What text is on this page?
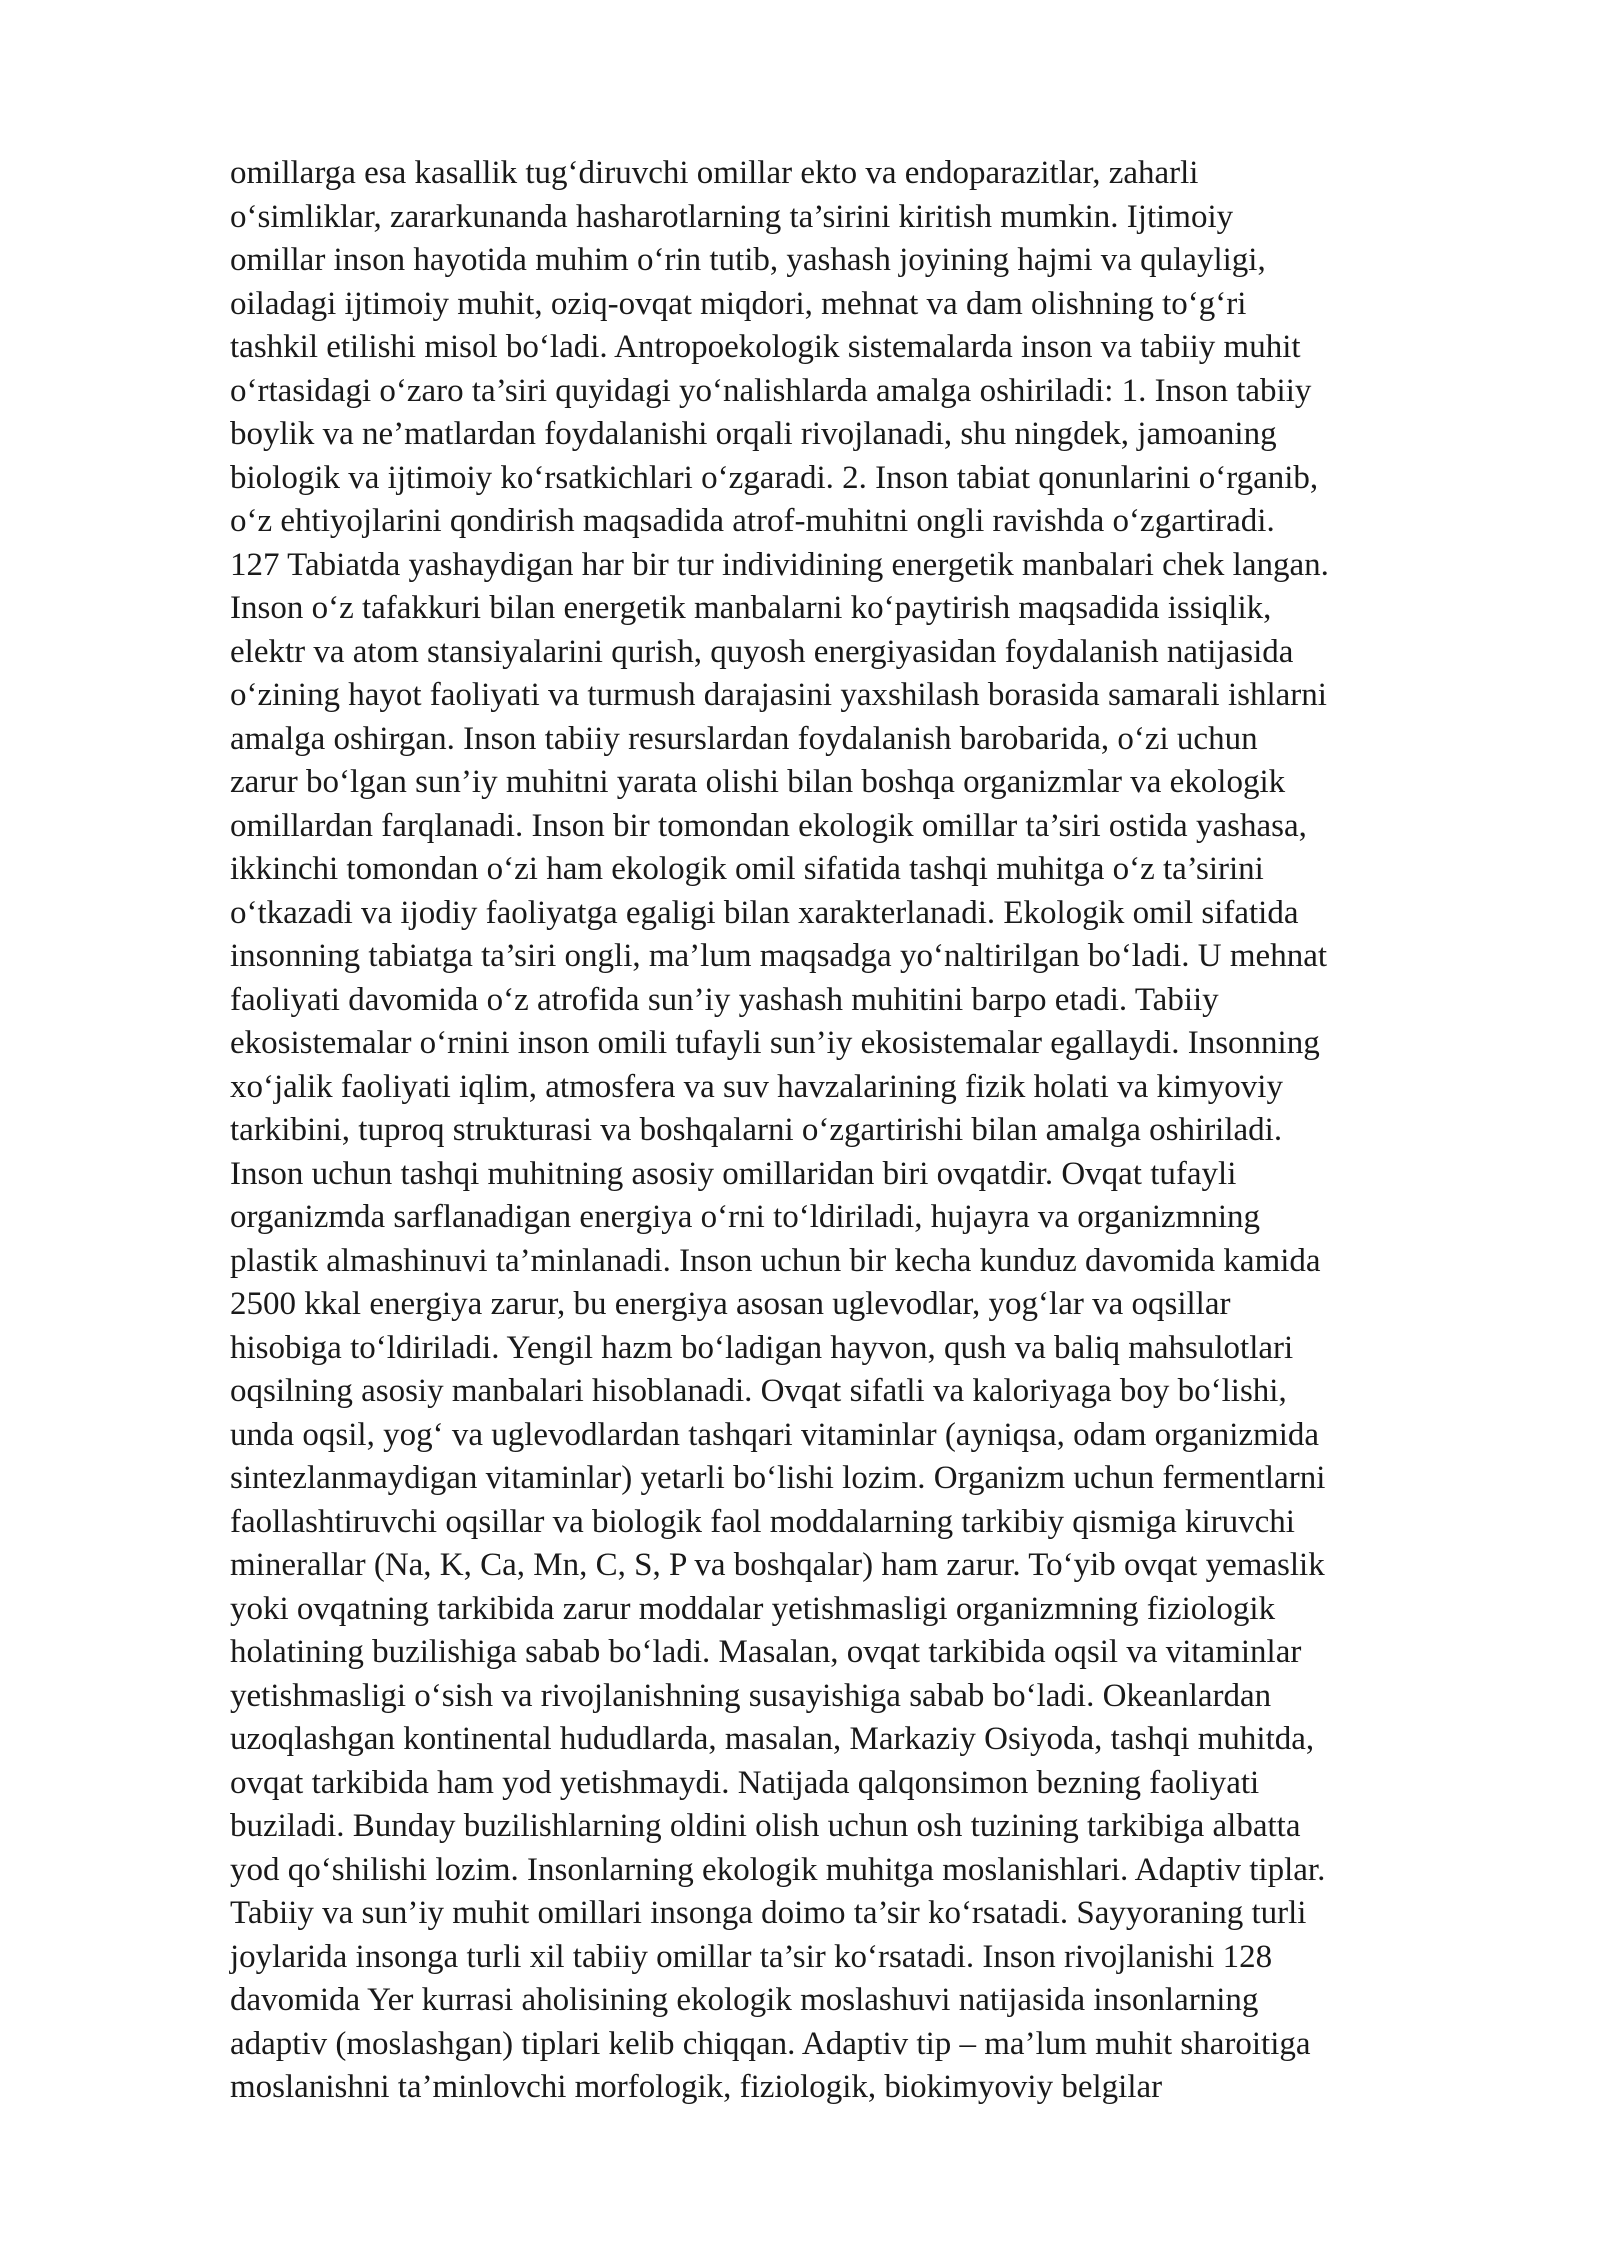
omillarga esa kasallik tug‘diruvchi omillar ekto va endoparazitlar, zaharli
o‘simliklar, zararkunanda hasharotlarning ta’sirini kiritish mumkin. Ijtimoiy
omillar inson hayotida muhim o‘rin tutib, yashash joyining hajmi va qulayligi,
oiladagi ijtimoiy muhit, oziq-ovqat miqdori, mehnat va dam olishning to‘g‘ri
tashkil etilishi misol bo‘ladi. Antropoekologik sistemalarda inson va tabiiy muhit
o‘rtasidagi o‘zaro ta’siri quyidagi yo‘nalishlarda amalga oshiriladi: 1. Inson tabiiy
boylik va ne’matlardan foydalanishi orqali rivojlanadi, shu ningdek, jamoaning
biologik va ijtimoiy ko‘rsatkichlari o‘zgaradi. 2. Inson tabiat qonunlarini o‘rganib,
o‘z ehtiyojlarini qondirish maqsadida atrof-muhitni ongli ravishda o‘zgartiradi.
127 Tabiatda yashaydigan har bir tur individining energetik manbalari chek langan.
Inson o‘z tafakkuri bilan energetik manbalarni ko‘paytirish maqsadida issiqlik,
elektr va atom stansiyalarini qurish, quyosh energiyasidan foydalanish natijasida
o‘zining hayot faoliyati va turmush darajasini yaxshilash borasida samarali ishlarni
amalga oshirgan. Inson tabiiy resurslardan foydalanish barobarida, o‘zi uchun
zarur bo‘lgan sun’iy muhitni yarata olishi bilan boshqa organizmlar va ekologik
omillardan farqlanadi. Inson bir tomondan ekologik omillar ta’siri ostida yashasa,
ikkinchi tomondan o‘zi ham ekologik omil sifatida tashqi muhitga o‘z ta’sirini
o‘tkazadi va ijodiy faoliyatga egaligi bilan xarakterlanadi. Ekologik omil sifatida
insonning tabiatga ta’siri ongli, ma’lum maqsadga yo‘naltirilgan bo‘ladi. U mehnat
faoliyati davomida o‘z atrofida sun’iy yashash muhitini barpo etadi. Tabiiy
ekosistemalar o‘rnini inson omili tufayli sun’iy ekosistemalar egallaydi. Insonning
xo‘jalik faoliyati iqlim, atmosfera va suv havzalarining fizik holati va kimyoviy
tarkibini, tuproq strukturasi va boshqalarni o‘zgartirishi bilan amalga oshiriladi.
Inson uchun tashqi muhitning asosiy omillaridan biri ovqatdir. Ovqat tufayli
organizmda sarflanadigan energiya o‘rni to‘ldiriladi, hujayra va organizmning
plastik almashinuvi ta’minlanadi. Inson uchun bir kecha kunduz davomida kamida
2500 kkal energiya zarur, bu energiya asosan uglevodlar, yog‘lar va oqsillar
hisobiga to‘ldiriladi. Yengil hazm bo‘ladigan hayvon, qush va baliq mahsulotlari
oqsilning asosiy manbalari hisoblanadi. Ovqat sifatli va kaloriyaga boy bo‘lishi,
unda oqsil, yog‘ va uglevodlardan tashqari vitaminlar (ayniqsa, odam organizmida
sintezlanmaydigan vitaminlar) yetarli bo‘lishi lozim. Organizm uchun fermentlarni
faollashtiruvchi oqsillar va biologik faol moddalarning tarkibiy qismiga kiruvchi
minerallar (Na, K, Ca, Mn, C, S, P va boshqalar) ham zarur. To‘yib ovqat yemaslik
yoki ovqatning tarkibida zarur moddalar yetishmasligi organizmning fiziologik
holatining buzilishiga sabab bo‘ladi. Masalan, ovqat tarkibida oqsil va vitaminlar
yetishmasligi o‘sish va rivojlanishning susayishiga sabab bo‘ladi. Okeanlardan
uzoqlashgan kontinental hududlarda, masalan, Markaziy Osiyoda, tashqi muhitda,
ovqat tarkibida ham yod yetishmaydi. Natijada qalqonsimon bezning faoliyati
buziladi. Bunday buzilishlarning oldini olish uchun osh tuzining tarkibiga albatta
yod qo‘shilishi lozim. Insonlarning ekologik muhitga moslanishlari. Adaptiv tiplar.
Tabiiy va sun’iy muhit omillari insonga doimo ta’sir ko‘rsatadi. Sayyoraning turli
joylarida insonga turli xil tabiiy omillar ta’sir ko‘rsatadi. Inson rivojlanishi 128
davomida Yer kurrasi aholisining ekologik moslashuvi natijasida insonlarning
adaptiv (moslashgan) tiplari kelib chiqqan. Adaptiv tip – ma’lum muhit sharoitiga
moslanishni ta’minlovchi morfologik, fiziologik, biokimyoviy belgilar
